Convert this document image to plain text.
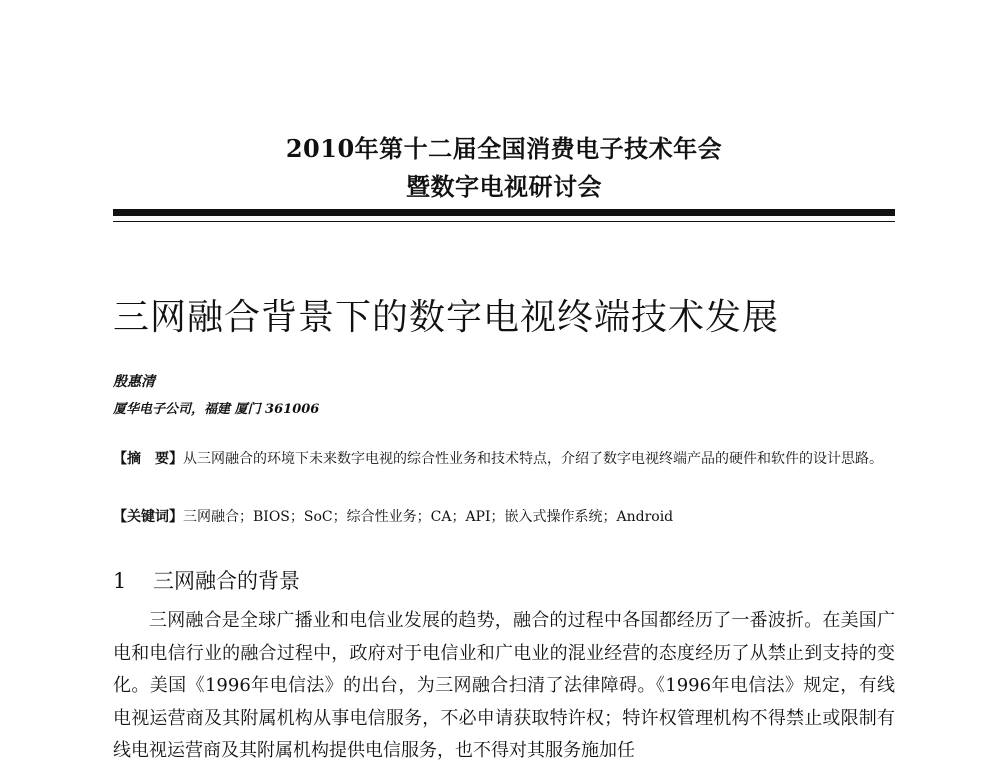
2010年第十二届全国消费电子技术年会
暨数字电视研讨会
三网融合背景下的数字电视终端技术发展
殷惠清
厦华电子公司，福建 厦门 361006
【摘　要】从三网融合的环境下未来数字电视的综合性业务和技术特点，介绍了数字电视终端产品的硬件和软件的设计思路。
【关键词】三网融合；BIOS；SoC；综合性业务；CA；API；嵌入式操作系统；Android
1 三网融合的背景

三网融合是全球广播业和电信业发展的趋势，融合的过程中各国都经历了一番波折。在美国广电和电信行业的融合过程中，政府对于电信业和广电业的混业经营的态度经历了从禁止到支持的变化。美国《1996年电信法》的出台，为三网融合扫清了法律障碍。《1996年电信法》规定，有线电视运营商及其附属机构从事电信服务，不必申请获取特许权；特许权管理机构不得禁止或限制有线电视运营商及其附属机构提供电信服务，也不得对其服务施加任
